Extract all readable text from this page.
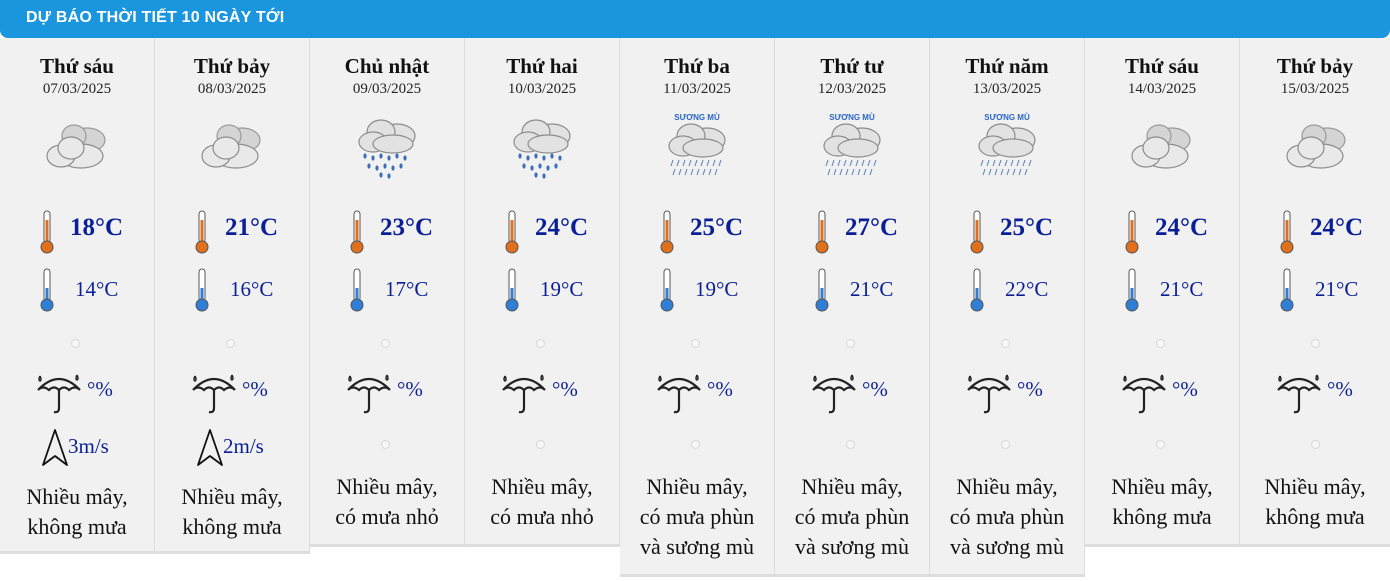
DỰ BÁO THỜI TIẾT 10 NGÀY TỚI
Thứ sáu
07/03/2025
18°C
14°C
°%
3m/s
Nhiều mây,
không mưa
Thứ bảy
08/03/2025
21°C
16°C
°%
2m/s
Nhiều mây,
không mưa
Chủ nhật
09/03/2025
23°C
17°C
°%
Nhiều mây,
có mưa nhỏ
Thứ hai
10/03/2025
24°C
19°C
°%
Nhiều mây,
có mưa nhỏ
Thứ ba
11/03/2025
SƯƠNG MÙ
25°C
19°C
°%
Nhiều mây,
có mưa phùn
và sương mù
Thứ tư
12/03/2025
SƯƠNG MÙ
27°C
21°C
°%
Nhiều mây,
có mưa phùn
và sương mù
Thứ năm
13/03/2025
SƯƠNG MÙ
25°C
22°C
°%
Nhiều mây,
có mưa phùn
và sương mù
Thứ sáu
14/03/2025
24°C
21°C
°%
Nhiều mây,
không mưa
Thứ bảy
15/03/2025
24°C
21°C
°%
Nhiều mây,
không mưa
